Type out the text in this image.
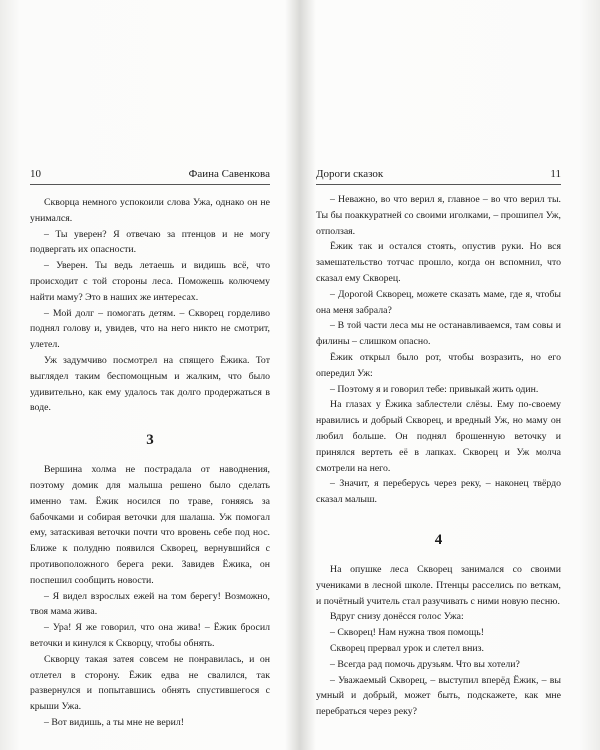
10	Фаина Савенкова

Скворца немного успокоили слова Ужа, однако он не унимался.

– Ты уверен? Я отвечаю за птенцов и не могу подвергать их опасности.

– Уверен. Ты ведь летаешь и видишь всё, что происходит с той стороны леса. Поможешь колючему найти маму? Это в наших же интересах.

– Мой долг – помогать детям. – Скворец горделиво поднял голову и, увидев, что на него никто не смотрит, улетел.

Уж задумчиво посмотрел на спящего Ёжика. Тот выглядел таким беспомощным и жалким, что было удивительно, как ему удалось так долго продержаться в воде.

3

Вершина холма не пострадала от наводнения, поэтому домик для малыша решено было сделать именно там. Ёжик носился по траве, гоняясь за бабочками и собирая веточки для шалаша. Уж помогал ему, затаскивая веточки почти что вровень себе под нос. Ближе к полудню появился Скворец, вернувшийся с противоположного берега реки. Завидев Ёжика, он поспешил сообщить новости.

– Я видел взрослых ежей на том берегу! Возможно, твоя мама жива.

– Ура! Я же говорил, что она жива! – Ёжик бросил веточки и кинулся к Скворцу, чтобы обнять.

Скворцу такая затея совсем не понравилась, и он отлетел в сторону. Ёжик едва не свалился, так развернулся и попытавшись обнять спустившегося с крыши Ужа.

– Вот видишь, а ты мне не верил!

Дороги сказок	11

– Неважно, во что верил я, главное – во что верил ты. Ты бы поаккуратней со своими иголками, – прошипел Уж, отползая.

Ёжик так и остался стоять, опустив руки. Но вся замешательство тотчас прошло, когда он вспомнил, что сказал ему Скворец.

– Дорогой Скворец, можете сказать маме, где я, чтобы она меня забрала?

– В той части леса мы не останавливаемся, там совы и филины – слишком опасно.

Ёжик открыл было рот, чтобы возразить, но его опередил Уж:

– Поэтому я и говорил тебе: привыкай жить один.

На глазах у Ёжика заблестели слёзы. Ему по-своему нравились и добрый Скворец, и вредный Уж, но маму он любил больше. Он поднял брошенную веточку и принялся вертеть её в лапках. Скворец и Уж молча смотрели на него.

– Значит, я переберусь через реку, – наконец твёрдо сказал малыш.

4

На опушке леса Скворец занимался со своими учениками в лесной школе. Птенцы расселись по веткам, и почётный учитель стал разучивать с ними новую песню.

Вдруг снизу донёсся голос Ужа:

– Скворец! Нам нужна твоя помощь!

Скворец прервал урок и слетел вниз.

– Всегда рад помочь друзьям. Что вы хотели?

– Уважаемый Скворец, – выступил вперёд Ёжик, – вы умный и добрый, может быть, подскажете, как мне перебраться через реку?
